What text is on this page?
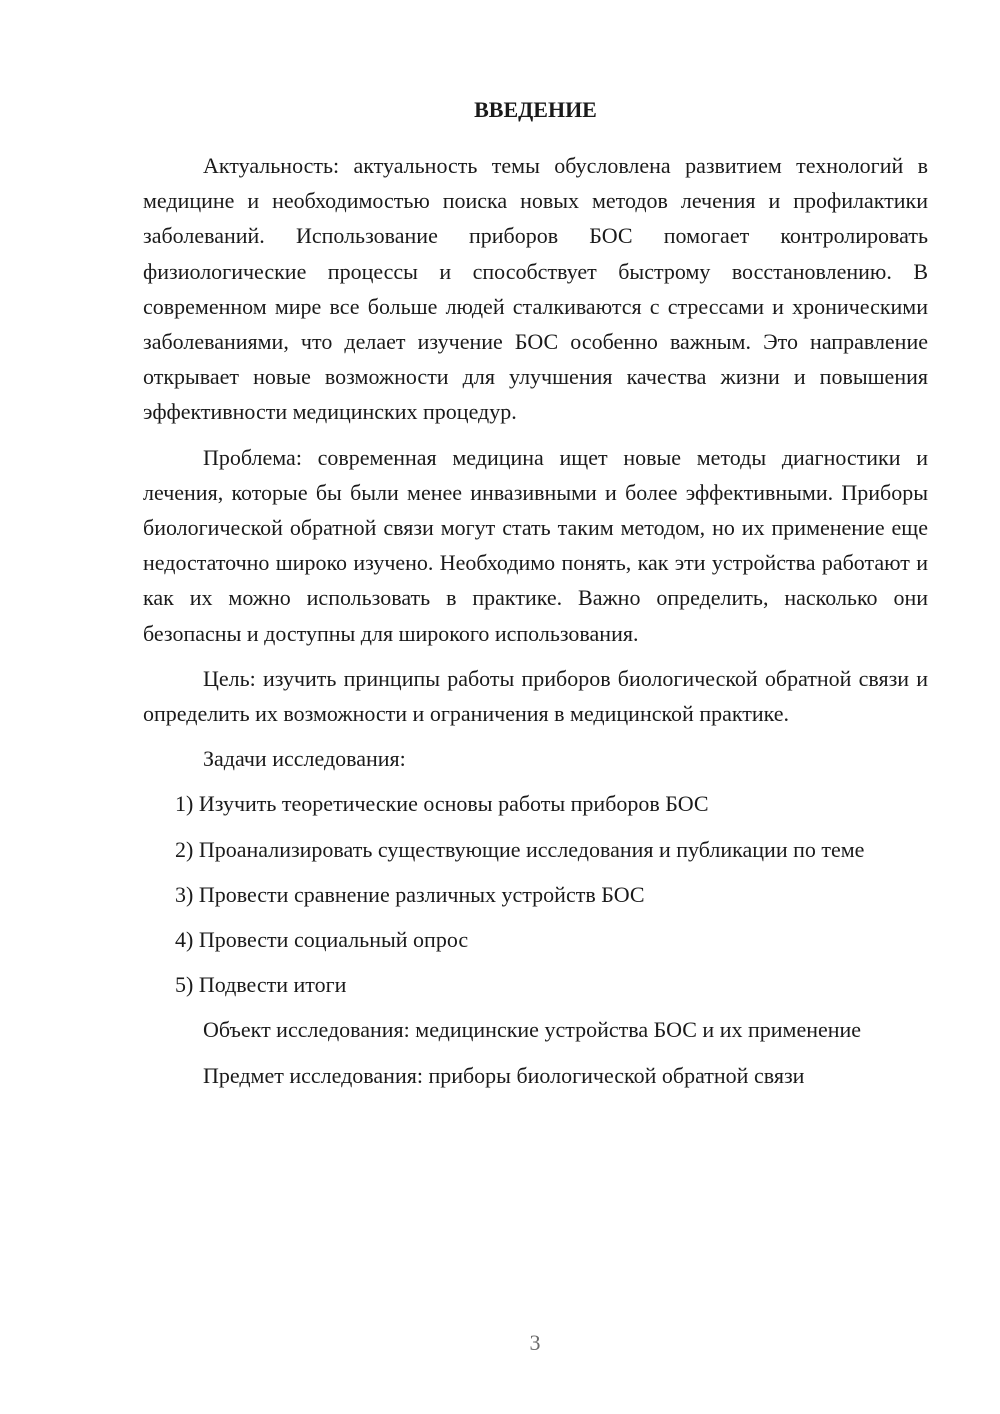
ВВЕДЕНИЕ

Актуальность: актуальность темы обусловлена развитием технологий в медицине и необходимостью поиска новых методов лечения и профилактики заболеваний. Использование приборов БОС помогает контролировать физиологические процессы и способствует быстрому восстановлению. В современном мире все больше людей сталкиваются с стрессами и хроническими заболеваниями, что делает изучение БОС особенно важным. Это направление открывает новые возможности для улучшения качества жизни и повышения эффективности медицинских процедур.

Проблема: современная медицина ищет новые методы диагностики и лечения, которые бы были менее инвазивными и более эффективными. Приборы биологической обратной связи могут стать таким методом, но их применение еще недостаточно широко изучено. Необходимо понять, как эти устройства работают и как их можно использовать в практике. Важно определить, насколько они безопасны и доступны для широкого использования.

Цель: изучить принципы работы приборов биологической обратной связи и определить их возможности и ограничения в медицинской практике.

Задачи исследования:

1) Изучить теоретические основы работы приборов БОС

2) Проанализировать существующие исследования и публикации по теме

3) Провести сравнение различных устройств БОС

4) Провести социальный опрос

5) Подвести итоги

Объект исследования: медицинские устройства БОС и их применение

Предмет исследования: приборы биологической обратной связи

3
